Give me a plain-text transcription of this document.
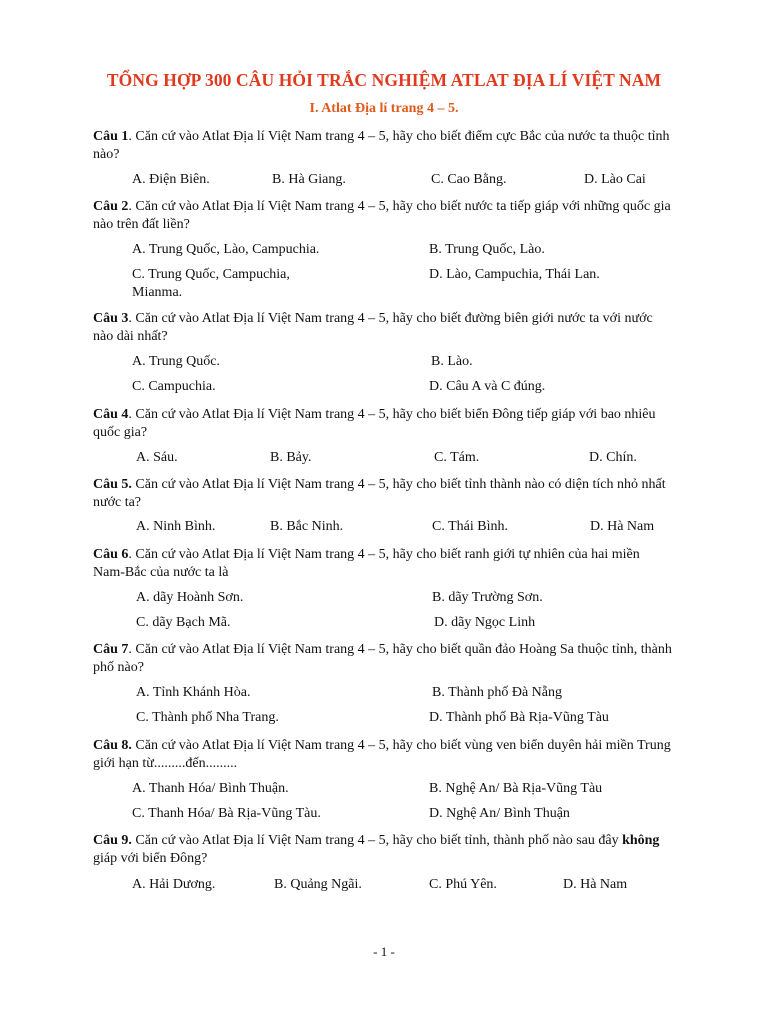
TỔNG HỢP 300 CÂU HỎI TRẮC NGHIỆM ATLAT ĐỊA LÍ VIỆT NAM
I. Atlat Địa lí trang 4 – 5.
Câu 1. Căn cứ vào Atlat Địa lí Việt Nam trang 4 – 5, hãy cho biết điểm cực Bắc của nước ta thuộc tỉnh nào?
A. Điện Biên.	B. Hà Giang.	C. Cao Bằng.	D. Lào Cai
Câu 2. Căn cứ vào Atlat Địa lí Việt Nam trang 4 – 5, hãy cho biết nước ta tiếp giáp với những quốc gia nào trên đất liền?
A. Trung Quốc, Lào, Campuchia.	B. Trung Quốc, Lào.
C. Trung Quốc, Campuchia, Mianma.
D. Lào, Campuchia, Thái Lan.
Câu 3. Căn cứ vào Atlat Địa lí Việt Nam trang 4 – 5, hãy cho biết đường biên giới nước ta với nước nào dài nhất?
A. Trung Quốc.	B. Lào.
C. Campuchia.	D. Câu A và C đúng.
Câu 4. Căn cứ vào Atlat Địa lí Việt Nam trang 4 – 5, hãy cho biết biển Đông tiếp giáp với bao nhiêu quốc gia?
A. Sáu.	B. Bảy.	C. Tám.	D. Chín.
Câu 5. Căn cứ vào Atlat Địa lí Việt Nam trang 4 – 5, hãy cho biết tỉnh thành nào có diện tích nhỏ nhất nước ta?
A. Ninh Bình.	B. Bắc Ninh.	C. Thái Bình.	D. Hà Nam
Câu 6. Căn cứ vào Atlat Địa lí Việt Nam trang 4 – 5, hãy cho biết ranh giới tự nhiên của hai miền Nam-Bắc của nước ta là
A. dãy Hoành Sơn.	B. dãy Trường Sơn.
C. dãy Bạch Mã.	D. dãy Ngọc Linh
Câu 7. Căn cứ vào Atlat Địa lí Việt Nam trang 4 – 5, hãy cho biết quần đảo Hoàng Sa thuộc tỉnh, thành phố nào?
A. Tỉnh Khánh Hòa.	B. Thành phố Đà Nẵng
C. Thành phố Nha Trang.	D. Thành phố Bà Rịa-Vũng Tàu
Câu 8. Căn cứ vào Atlat Địa lí Việt Nam trang 4 – 5, hãy cho biết vùng ven biển duyên hải miền Trung giới hạn từ.........đến.........
A. Thanh Hóa/ Bình Thuận.	B. Nghệ An/ Bà Rịa-Vũng Tàu
C. Thanh Hóa/ Bà Rịa-Vũng Tàu.	D. Nghệ An/ Bình Thuận
Câu 9. Căn cứ vào Atlat Địa lí Việt Nam trang 4 – 5, hãy cho biết tỉnh, thành phố nào sau đây không giáp với biển Đông?
A. Hải Dương.	B. Quảng Ngãi.	C. Phú Yên.	D. Hà Nam
- 1 -
